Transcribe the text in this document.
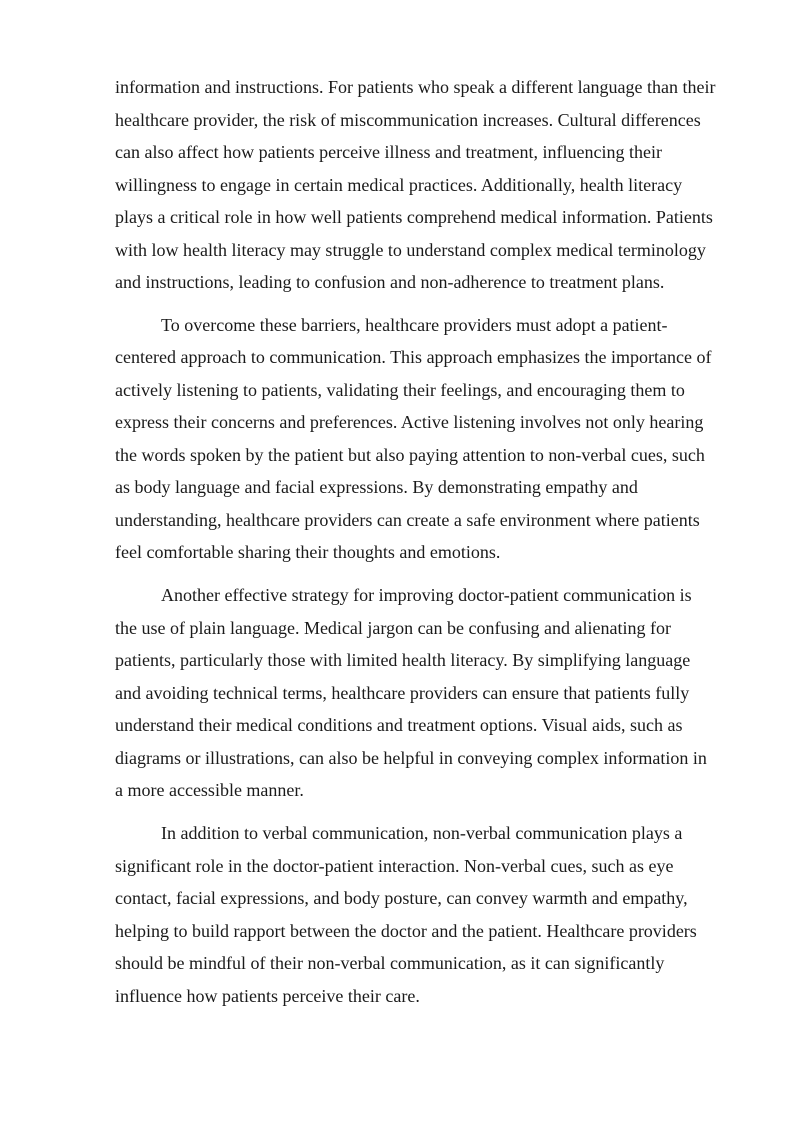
information and instructions. For patients who speak a different language than their
healthcare provider, the risk of miscommunication increases. Cultural differences
can also affect how patients perceive illness and treatment, influencing their
willingness to engage in certain medical practices. Additionally, health literacy
plays a critical role in how well patients comprehend medical information. Patients
with low health literacy may struggle to understand complex medical terminology
and instructions, leading to confusion and non-adherence to treatment plans.
To overcome these barriers, healthcare providers must adopt a patient-
centered approach to communication. This approach emphasizes the importance of
actively listening to patients, validating their feelings, and encouraging them to
express their concerns and preferences. Active listening involves not only hearing
the words spoken by the patient but also paying attention to non-verbal cues, such
as body language and facial expressions. By demonstrating empathy and
understanding, healthcare providers can create a safe environment where patients
feel comfortable sharing their thoughts and emotions.
Another effective strategy for improving doctor-patient communication is
the use of plain language. Medical jargon can be confusing and alienating for
patients, particularly those with limited health literacy. By simplifying language
and avoiding technical terms, healthcare providers can ensure that patients fully
understand their medical conditions and treatment options. Visual aids, such as
diagrams or illustrations, can also be helpful in conveying complex information in
a more accessible manner.
In addition to verbal communication, non-verbal communication plays a
significant role in the doctor-patient interaction. Non-verbal cues, such as eye
contact, facial expressions, and body posture, can convey warmth and empathy,
helping to build rapport between the doctor and the patient. Healthcare providers
should be mindful of their non-verbal communication, as it can significantly
influence how patients perceive their care.
